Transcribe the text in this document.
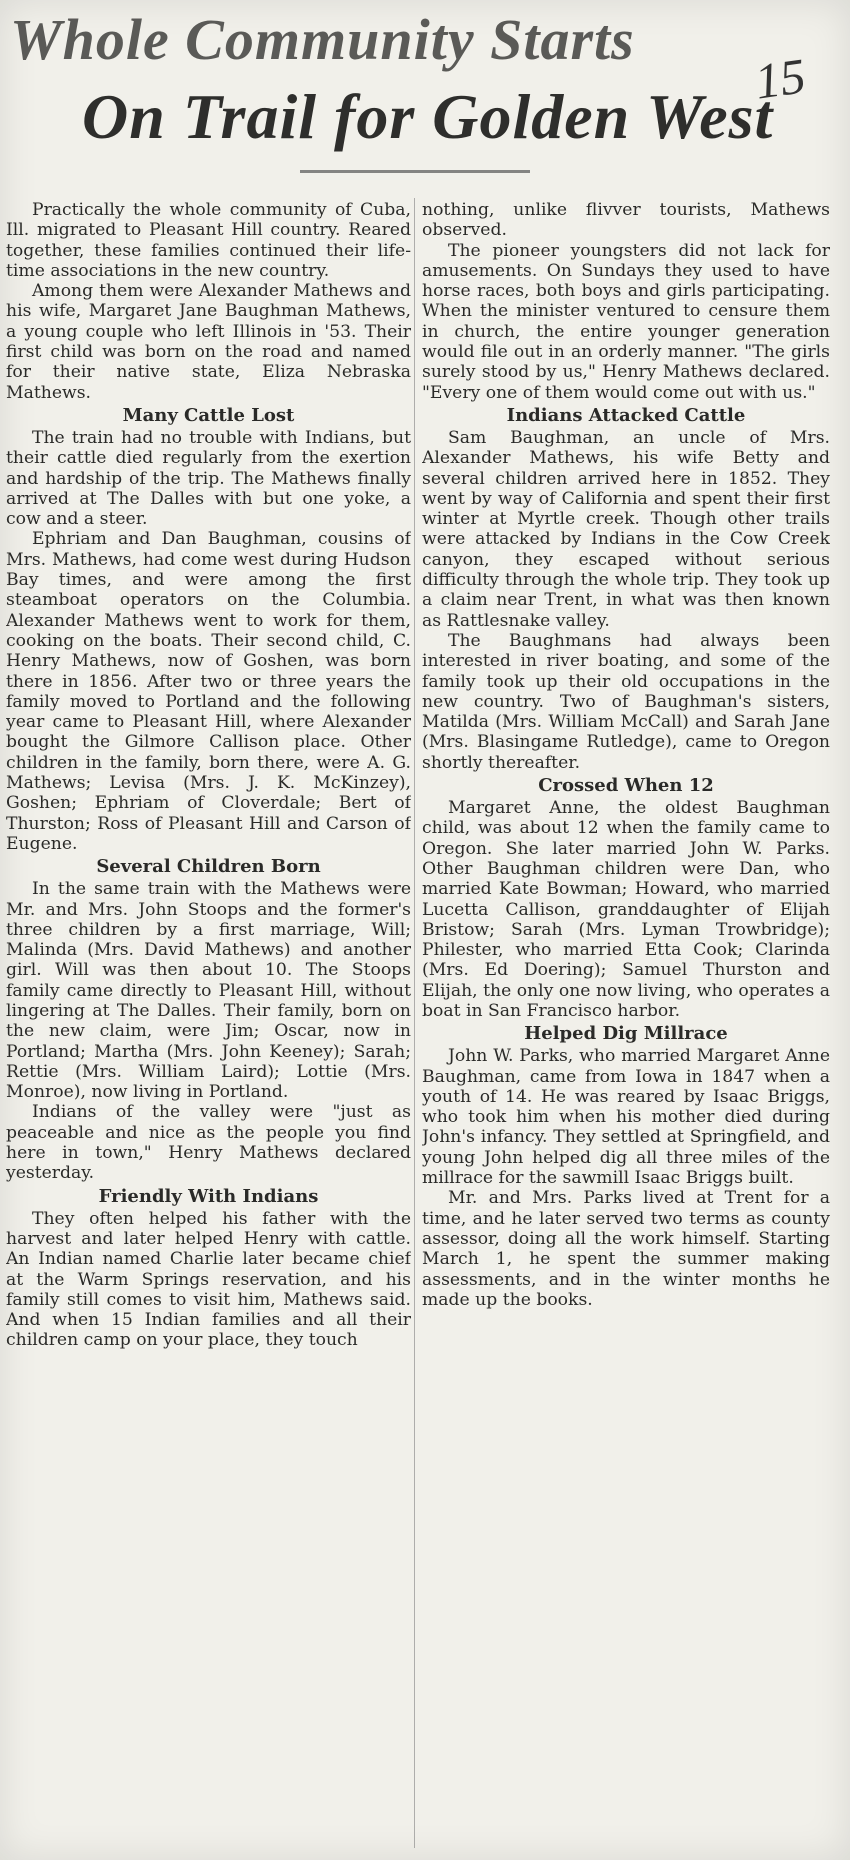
Whole Community Starts
On Trail for Golden West
15

Practically the whole community of Cuba, Ill. migrated to Pleasant Hill country. Reared together, these families continued their life-time associations in the new country.

Among them were Alexander Mathews and his wife, Margaret Jane Baughman Mathews, a young couple who left Illinois in '53. Their first child was born on the road and named for their native state, Eliza Nebraska Mathews.

Many Cattle Lost

The train had no trouble with Indians, but their cattle died regularly from the exertion and hardship of the trip. The Mathews finally arrived at The Dalles with but one yoke, a cow and a steer.

Ephriam and Dan Baughman, cousins of Mrs. Mathews, had come west during Hudson Bay times, and were among the first steamboat operators on the Columbia. Alexander Mathews went to work for them, cooking on the boats. Their second child, C. Henry Mathews, now of Goshen, was born there in 1856. After two or three years the family moved to Portland and the following year came to Pleasant Hill, where Alexander bought the Gilmore Callison place. Other children in the family, born there, were A. G. Mathews; Levisa (Mrs. J. K. McKinzey), Goshen; Ephriam of Cloverdale; Bert of Thurston; Ross of Pleasant Hill and Carson of Eugene.

Several Children Born

In the same train with the Mathews were Mr. and Mrs. John Stoops and the former's three children by a first marriage, Will; Malinda (Mrs. David Mathews) and another girl. Will was then about 10. The Stoops family came directly to Pleasant Hill, without lingering at The Dalles. Their family, born on the new claim, were Jim; Oscar, now in Portland; Martha (Mrs. John Keeney); Sarah; Rettie (Mrs. William Laird); Lottie (Mrs. Monroe), now living in Portland.

Indians of the valley were "just as peaceable and nice as the people you find here in town," Henry Mathews declared yesterday.

Friendly With Indians

They often helped his father with the harvest and later helped Henry with cattle. An Indian named Charlie later became chief at the Warm Springs reservation, and his family still comes to visit him, Mathews said. And when 15 Indian families and all their children camp on your place, they touch

nothing, unlike flivver tourists, Mathews observed.

The pioneer youngsters did not lack for amusements. On Sundays they used to have horse races, both boys and girls participating. When the minister ventured to censure them in church, the entire younger generation would file out in an orderly manner. "The girls surely stood by us," Henry Mathews declared. "Every one of them would come out with us."

Indians Attacked Cattle

Sam Baughman, an uncle of Mrs. Alexander Mathews, his wife Betty and several children arrived here in 1852. They went by way of California and spent their first winter at Myrtle creek. Though other trails were attacked by Indians in the Cow Creek canyon, they escaped without serious difficulty through the whole trip. They took up a claim near Trent, in what was then known as Rattlesnake valley.

The Baughmans had always been interested in river boating, and some of the family took up their old occupations in the new country. Two of Baughman's sisters, Matilda (Mrs. William McCall) and Sarah Jane (Mrs. Blasingame Rutledge), came to Oregon shortly thereafter.

Crossed When 12

Margaret Anne, the oldest Baughman child, was about 12 when the family came to Oregon. She later married John W. Parks. Other Baughman children were Dan, who married Kate Bowman; Howard, who married Lucetta Callison, granddaughter of Elijah Bristow; Sarah (Mrs. Lyman Trowbridge); Philester, who married Etta Cook; Clarinda (Mrs. Ed Doering); Samuel Thurston and Elijah, the only one now living, who operates a boat in San Francisco harbor.

Helped Dig Millrace

John W. Parks, who married Margaret Anne Baughman, came from Iowa in 1847 when a youth of 14. He was reared by Isaac Briggs, who took him when his mother died during John's infancy. They settled at Springfield, and young John helped dig all three miles of the millrace for the sawmill Isaac Briggs built.

Mr. and Mrs. Parks lived at Trent for a time, and he later served two terms as county assessor, doing all the work himself. Starting March 1, he spent the summer making assessments, and in the winter months he made up the books.
